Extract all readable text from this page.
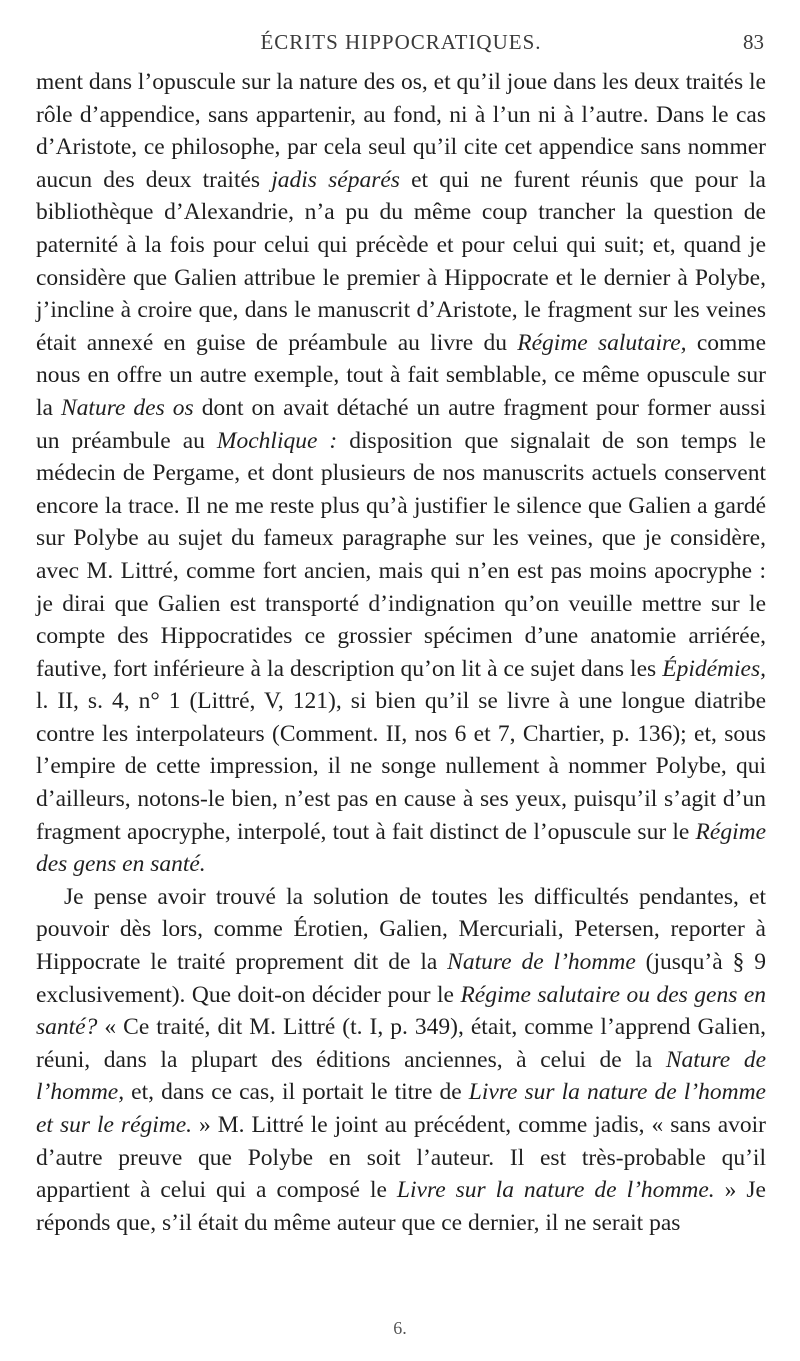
ÉCRITS HIPPOCRATIQUES.	83

ment dans l’opuscule sur la nature des os, et qu’il joue dans les deux traités le rôle d’appendice, sans appartenir, au fond, ni à l’un ni à l’autre. Dans le cas d’Aristote, ce philosophe, par cela seul qu’il cite cet appendice sans nommer aucun des deux traités jadis séparés et qui ne furent réunis que pour la bibliothèque d’Alexandrie, n’a pu du même coup trancher la question de paternité à la fois pour celui qui précède et pour celui qui suit; et, quand je considère que Galien attribue le premier à Hippocrate et le dernier à Polybe, j’incline à croire que, dans le manuscrit d’Aristote, le fragment sur les veines était annexé en guise de préambule au livre du Régime salutaire, comme nous en offre un autre exemple, tout à fait semblable, ce même opuscule sur la Nature des os dont on avait détaché un autre fragment pour former aussi un préambule au Mochlique : disposition que signalait de son temps le médecin de Pergame, et dont plusieurs de nos manuscrits actuels conservent encore la trace. Il ne me reste plus qu’à justifier le silence que Galien a gardé sur Polybe au sujet du fameux paragraphe sur les veines, que je considère, avec M. Littré, comme fort ancien, mais qui n’en est pas moins apocryphe : je dirai que Galien est transporté d’indignation qu’on veuille mettre sur le compte des Hippocratides ce grossier spécimen d’une anatomie arriérée, fautive, fort inférieure à la description qu’on lit à ce sujet dans les Épidémies, l. II, s. 4, n° 1 (Littré, V, 121), si bien qu’il se livre à une longue diatribe contre les interpolateurs (Comment. II, nos 6 et 7, Chartier, p. 136); et, sous l’empire de cette impression, il ne songe nullement à nommer Polybe, qui d’ailleurs, notons-le bien, n’est pas en cause à ses yeux, puisqu’il s’agit d’un fragment apocryphe, interpolé, tout à fait distinct de l’opuscule sur le Régime des gens en santé.

Je pense avoir trouvé la solution de toutes les difficultés pendantes, et pouvoir dès lors, comme Érotien, Galien, Mercuriali, Petersen, reporter à Hippocrate le traité proprement dit de la Nature de l’homme (jusqu’à § 9 exclusivement). Que doit-on décider pour le Régime salutaire ou des gens en santé? « Ce traité, dit M. Littré (t. I, p. 349), était, comme l’apprend Galien, réuni, dans la plupart des éditions anciennes, à celui de la Nature de l’homme, et, dans ce cas, il portait le titre de Livre sur la nature de l’homme et sur le régime. » M. Littré le joint au précédent, comme jadis, « sans avoir d’autre preuve que Polybe en soit l’auteur. Il est très-probable qu’il appartient à celui qui a composé le Livre sur la nature de l’homme. » Je réponds que, s’il était du même auteur que ce dernier, il ne serait pas

6.
